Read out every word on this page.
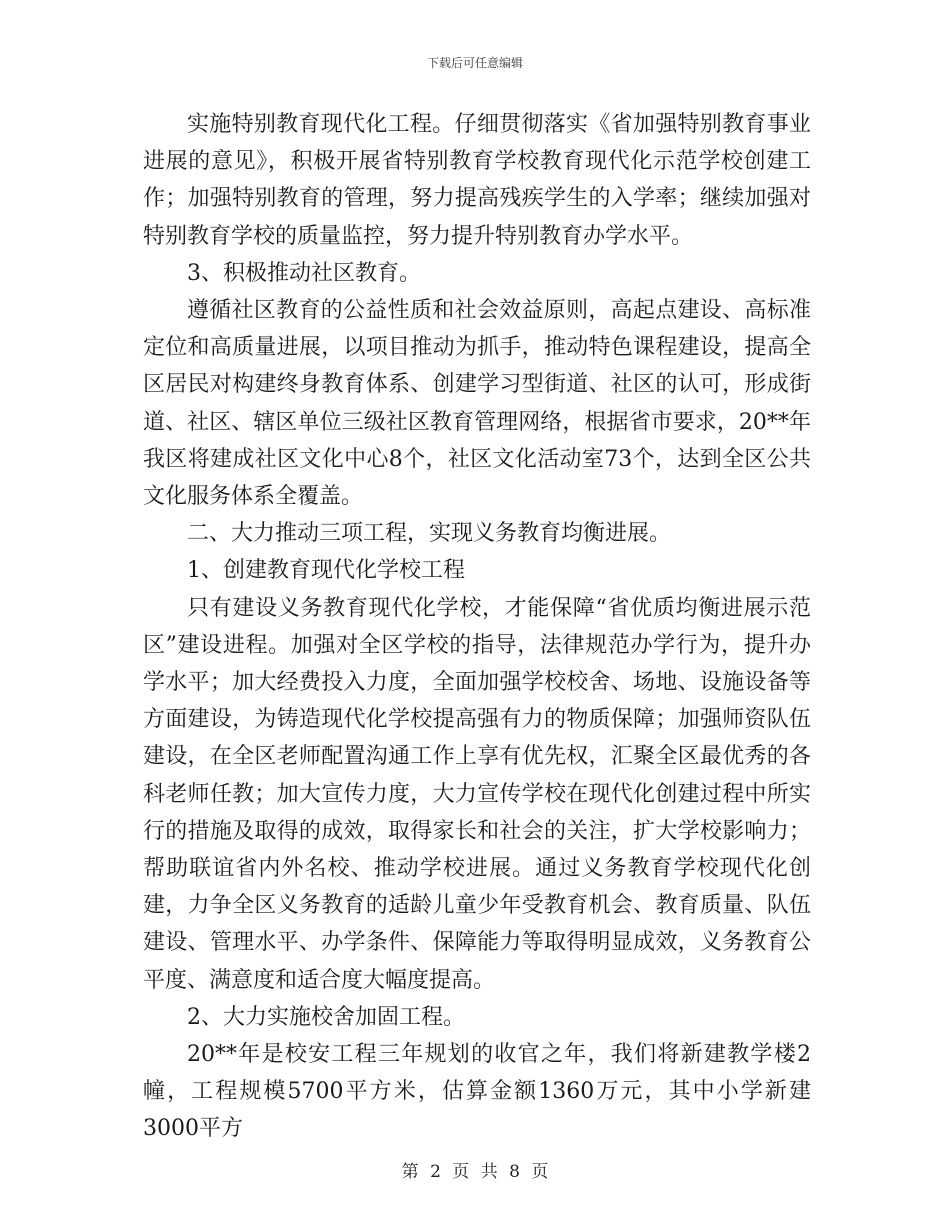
下载后可任意编辑

实施特别教育现代化工程。仔细贯彻落实《省加强特别教育事业进展的意见》，积极开展省特别教育学校教育现代化示范学校创建工作；加强特别教育的管理，努力提高残疾学生的入学率；继续加强对特别教育学校的质量监控，努力提升特别教育办学水平。

3、积极推动社区教育。

遵循社区教育的公益性质和社会效益原则，高起点建设、高标准定位和高质量进展，以项目推动为抓手，推动特色课程建设，提高全区居民对构建终身教育体系、创建学习型街道、社区的认可，形成街道、社区、辖区单位三级社区教育管理网络，根据省市要求，20**年我区将建成社区文化中心8个，社区文化活动室73个，达到全区公共文化服务体系全覆盖。

二、大力推动三项工程，实现义务教育均衡进展。

1、创建教育现代化学校工程

只有建设义务教育现代化学校，才能保障“省优质均衡进展示范区”建设进程。加强对全区学校的指导，法律规范办学行为，提升办学水平；加大经费投入力度，全面加强学校校舍、场地、设施设备等方面建设，为铸造现代化学校提高强有力的物质保障；加强师资队伍建设，在全区老师配置沟通工作上享有优先权，汇聚全区最优秀的各科老师任教；加大宣传力度，大力宣传学校在现代化创建过程中所实行的措施及取得的成效，取得家长和社会的关注，扩大学校影响力；帮助联谊省内外名校、推动学校进展。通过义务教育学校现代化创建，力争全区义务教育的适龄儿童少年受教育机会、教育质量、队伍建设、管理水平、办学条件、保障能力等取得明显成效，义务教育公平度、满意度和适合度大幅度提高。

2、大力实施校舍加固工程。

20**年是校安工程三年规划的收官之年，我们将新建教学楼2幢，工程规模5700平方米，估算金额1360万元，其中小学新建3000平方

第 2 页 共 8 页
